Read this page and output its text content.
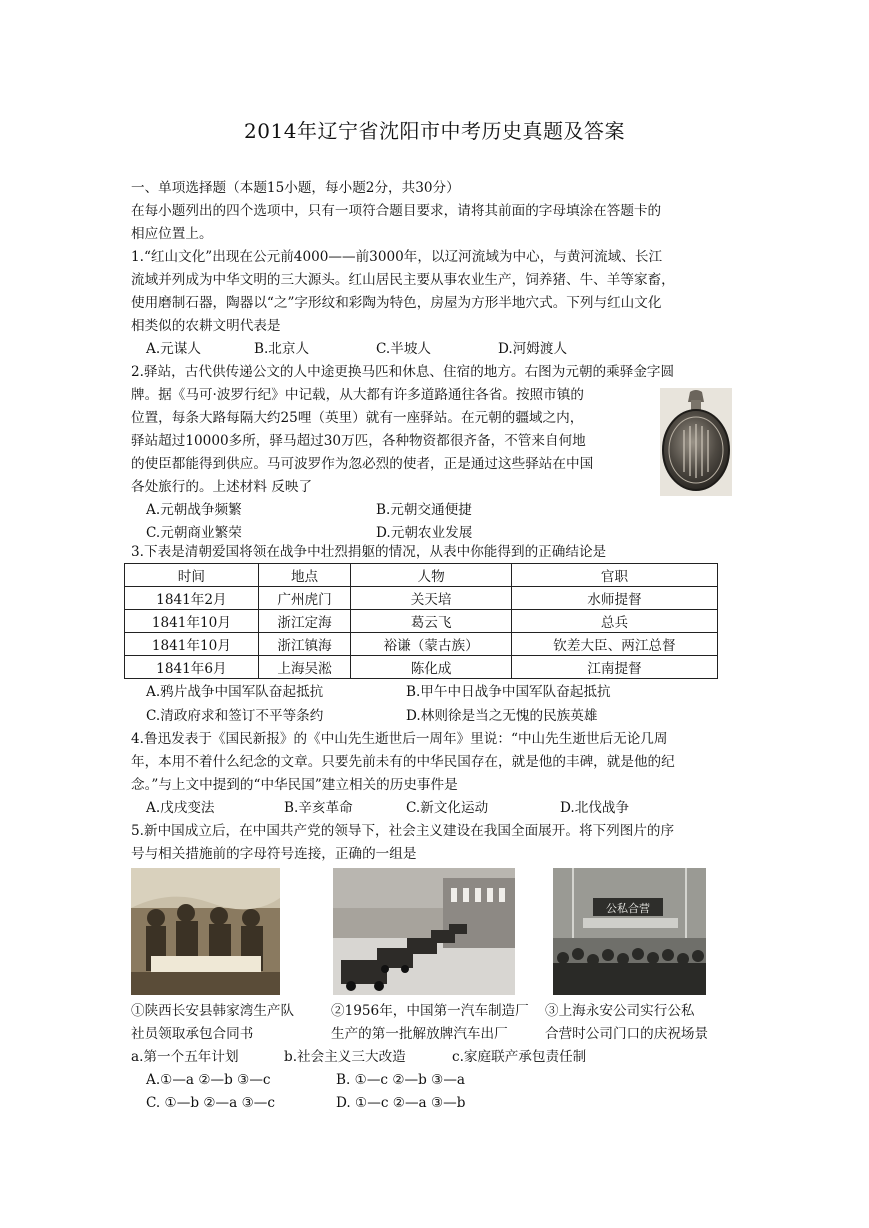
2014年辽宁省沈阳市中考历史真题及答案
一、单项选择题（本题15小题，每小题2分，共30分）
在每小题列出的四个选项中，只有一项符合题目要求，请将其前面的字母填涂在答题卡的
相应位置上。
1.“红山文化”出现在公元前4000——前3000年，以辽河流域为中心，与黄河流域、长江
流域并列成为中华文明的三大源头。红山居民主要从事农业生产，饲养猪、牛、羊等家畜，
使用磨制石器，陶器以“之”字形纹和彩陶为特色，房屋为方形半地穴式。下列与红山文化
相类似的农耕文明代表是
A.元谋人	B.北京人	C.半坡人	D.河姆渡人
2.驿站，古代供传递公文的人中途更换马匹和休息、住宿的地方。右图为元朝的乘驿金字圆
牌。据《马可·波罗行纪》中记载，从大都有许多道路通往各省。按照市镇的
位置，每条大路每隔大约25哩（英里）就有一座驿站。在元朝的疆域之内，
驿站超过10000多所，驿马超过30万匹，各种物资都很齐备，不管来自何地
的使臣都能得到供应。马可波罗作为忽必烈的使者，正是通过这些驿站在中国
各处旅行的。上述材料 反映了
A.元朝战争频繁	B.元朝交通便捷
C.元朝商业繁荣	D.元朝农业发展
3.下表是清朝爱国将领在战争中壮烈捐躯的情况，从表中你能得到的正确结论是
时间	地点	人物	官职
1841年2月	广州虎门	关天培	水师提督
1841年10月	浙江定海	葛云飞	总兵
1841年10月	浙江镇海	裕谦（蒙古族）	钦差大臣、两江总督
1841年6月	上海吴淞	陈化成	江南提督
A.鸦片战争中国军队奋起抵抗	B.甲午中日战争中国军队奋起抵抗
C.清政府求和签订不平等条约	D.林则徐是当之无愧的民族英雄
4.鲁迅发表于《国民新报》的《中山先生逝世后一周年》里说：“中山先生逝世后无论几周
年，本用不着什么纪念的文章。只要先前未有的中华民国存在，就是他的丰碑，就是他的纪
念。”与上文中提到的“中华民国”建立相关的历史事件是
A.戊戌变法	B.辛亥革命	C.新文化运动	D.北伐战争
5.新中国成立后，在中国共产党的领导下，社会主义建设在我国全面展开。将下列图片的序
号与相关措施前的字母符号连接，正确的一组是
公私合营
①陕西长安县韩家湾生产队
社员领取承包合同书
②1956年，中国第一汽车制造厂
生产的第一批解放牌汽车出厂
③上海永安公司实行公私
合营时公司门口的庆祝场景
a.第一个五年计划	b.社会主义三大改造	c.家庭联产承包责任制
A.①—a ②—b ③—c	B. ①—c ②—b ③—a
C. ①—b ②—a ③—c	D. ①—c ②—a ③—b
